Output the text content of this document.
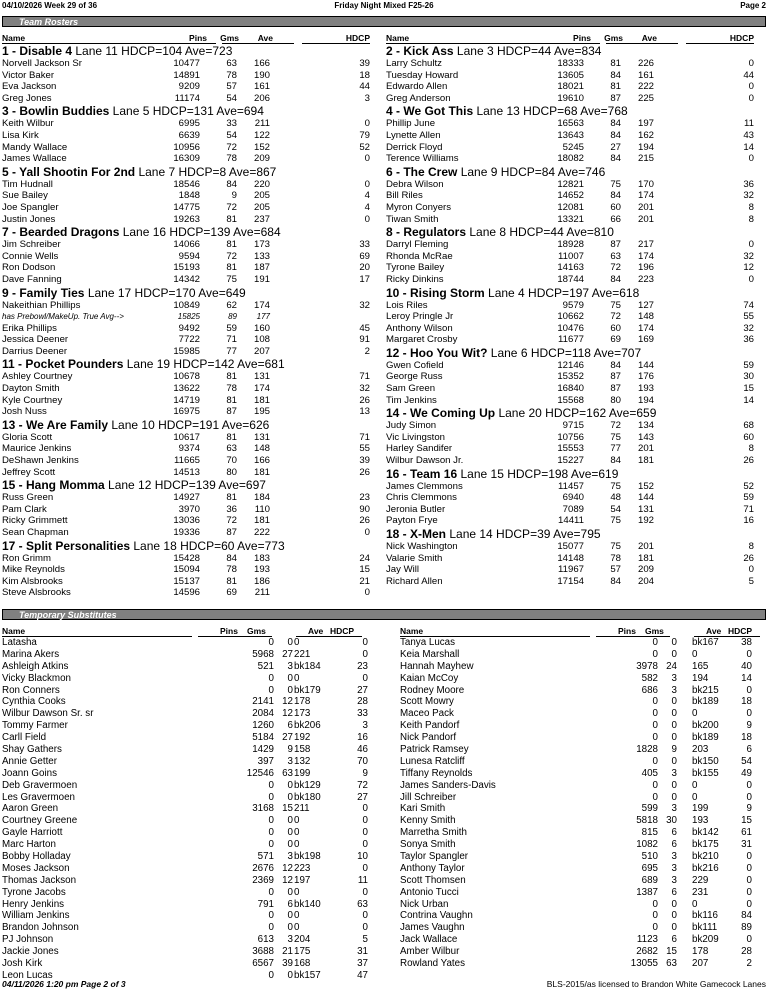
04/10/2026 Week 29 of 36	Friday Night Mixed F25-26	Page 2
Team Rosters
Name	Pins Gms Ave	HDCP
1 - Disable 4 Lane 11 HDCP=104 Ave=723
Norvell Jackson Sr	10477	63 166	39
Victor Baker	14891	78 190	18
Eva Jackson	9209	57 161	44
Greg Jones	11174	54 206	3
3 - Bowlin Buddies Lane 5 HDCP=131 Ave=694
Keith Wilbur	6995	33 211	0
Lisa Kirk	6639	54 122	79
Mandy Wallace	10956	72 152	52
James Wallace	16309	78 209	0
5 - Yall Shootin For 2nd Lane 7 HDCP=8 Ave=867
Tim Hudnall	18546	84 220	0
Sue Bailey	1848	9 205	4
Joe Spangler	14775	72 205	4
Justin Jones	19263	81 237	0
7 - Bearded Dragons Lane 16 HDCP=139 Ave=684
Jim Schreiber	14066	81 173	33
Connie Wells	9594	72 133	69
Ron Dodson	15193	81 187	20
Dave Fanning	14342	75 191	17
9 - Family Ties Lane 17 HDCP=170 Ave=649
Nakeithian Phillips	10849	62 174	32
has Prebowl/MakeUp. True Avg-->	15825	89 177
Erika Phillips	9492	59 160	45
Jessica Deener	7722	71 108	91
Darrius Deener	15985	77 207	2
11 - Pocket Pounders Lane 19 HDCP=142 Ave=681
Ashley Courtney	10678	81 131	71
Dayton Smith	13622	78 174	32
Kyle Courtney	14719	81 181	26
Josh Nuss	16975	87 195	13
13 - We Are Family Lane 10 HDCP=191 Ave=626
Gloria Scott	10617	81 131	71
Maurice Jenkins	9374	63 148	55
DeShawn Jenkins	11665	70 166	39
Jeffrey Scott	14513	80 181	26
15 - Hang Momma Lane 12 HDCP=139 Ave=697
Russ Green	14927	81 184	23
Pam Clark	3970	36 110	90
Ricky Grimmett	13036	72 181	26
Sean Chapman	19336	87 222	0
17 - Split Personalities Lane 18 HDCP=60 Ave=773
Ron Grimm	15428	84 183	24
Mike Reynolds	15094	78 193	15
Kim Alsbrooks	15137	81 186	21
Steve Alsbrooks	14596	69 211	0
Name	Pins Gms Ave	HDCP
2 - Kick Ass Lane 3 HDCP=44 Ave=834
Larry Schultz	18333	81 226	0
Tuesday Howard	13605	84 161	44
Edwardo Allen	18021	81 222	0
Greg Anderson	19610	87 225	0
4 - We Got This Lane 13 HDCP=68 Ave=768
Phillip June	16563	84 197	11
Lynette Allen	13643	84 162	43
Derrick Floyd	5245	27 194	14
Terence Williams	18082	84 215	0
6 - The Crew Lane 9 HDCP=84 Ave=746
Debra Wilson	12821	75 170	36
Bill Riles	14652	84 174	32
Myron Conyers	12081	60 201	8
Tiwan Smith	13321	66 201	8
8 - Regulators Lane 8 HDCP=44 Ave=810
Darryl Fleming	18928	87 217	0
Rhonda McRae	11007	63 174	32
Tyrone Bailey	14163	72 196	12
Ricky Dinkins	18744	84 223	0
10 - Rising Storm Lane 4 HDCP=197 Ave=618
Lois Riles	9579	75 127	74
Leroy Pringle Jr	10662	72 148	55
Anthony Wilson	10476	60 174	32
Margaret Crosby	11677	69 169	36
12 - Hoo You Wit? Lane 6 HDCP=118 Ave=707
Gwen Cofield	12146	84 144	59
George Russ	15352	87 176	30
Sam Green	16840	87 193	15
Tim Jenkins	15568	80 194	14
14 - We Coming Up Lane 20 HDCP=162 Ave=659
Judy Simon	9715	72 134	68
Vic Livingston	10756	75 143	60
Harley Sandifer	15553	77 201	8
Wilbur Dawson Jr.	15227	84 181	26
16 - Team 16 Lane 15 HDCP=198 Ave=619
James Clemmons	11457	75 152	52
Chris Clemmons	6940	48 144	59
Jeronia Butler	7089	54 131	71
Payton Frye	14411	75 192	16
18 - X-Men Lane 14 HDCP=39 Ave=795
Nick Washington	15077	75 201	8
Valarie Smith	14148	78 181	26
Jay Will	11967	57 209	0
Richard Allen	17154	84 204	5
Temporary Substitutes
Name	Pins Gms	Ave HDCP
Latasha	0 0 0	0
Marina Akers	5968 27 221	0
Ashleigh Atkins	521 3 bk184	23
Vicky Blackmon	0 0 0	0
Ron Conners	0 0 bk179	27
Cynthia Cooks	2141 12 178	28
Wilbur Dawson Sr. sr	2084 12 173	33
Tommy Farmer	1260 6 bk206	3
Carll Field	5184 27 192	16
Shay Gathers	1429 9 158	46
Annie Getter	397 3 132	70
Joann Goins	12546 63 199	9
Deb Gravermoen	0 0 bk129	72
Les Gravermoen	0 0 bk180	27
Aaron Green	3168 15 211	0
Courtney Greene	0 0 0	0
Gayle Harriott	0 0 0	0
Marc Harton	0 0 0	0
Bobby Holladay	571 3 bk198	10
Moses Jackson	2676 12 223	0
Thomas Jackson	2369 12 197	11
Tyrone Jacobs	0 0 0	0
Henry Jenkins	791 6 bk140	63
William Jenkins	0 0 0	0
Brandon Johnson	0 0 0	0
PJ Johnson	613 3 204	5
Jackie Jones	3688 21 175	31
Josh Kirk	6567 39 168	37
Leon Lucas	0 0 bk157	47
Name	Pins Gms	Ave HDCP
Tanya Lucas	0 0 bk167 38
Keia Marshall	0 0 0	0
Hannah Mayhew	3978 24 165	40
Kaian McCoy	582 3 194	14
Rodney Moore	686 3 bk215	0
Scott Mowry	0 0 bk189 18
Maceo Pack	0 0 0	0
Keith Pandorf	0 0 bk200	9
Nick Pandorf	0 0 bk189 18
Patrick Ramsey	1828 9 203	6
Lunesa Ratcliff	0 0 bk150 54
Tiffany Reynolds	405 3 bk155 49
James Sanders-Davis	0 0 0	0
Jill Schreiber	0 0 0	0
Kari Smith	599 3 199	9
Kenny Smith	5818 30 193	15
Marretha Smith	815 6 bk142 61
Sonya Smith	1082 6 bk175 31
Taylor Spangler	510 3 bk210	0
Anthony Taylor	695 3 bk216	0
Scott Thomsen	689 3 229	0
Antonio Tucci	1387 6 231	0
Nick Urban	0 0 0	0
Contrina Vaughn	0 0 bk116 84
James Vaughn	0 0 bk111 89
Jack Wallace	1123 6 bk209	0
Amber Wilbur	2682 15 178	28
Rowland Yates	13055 63 207	2
04/11/2026 1:20 pm Page 2 of 3	BLS-2015/as licensed to Brandon White Gamecock Lanes
